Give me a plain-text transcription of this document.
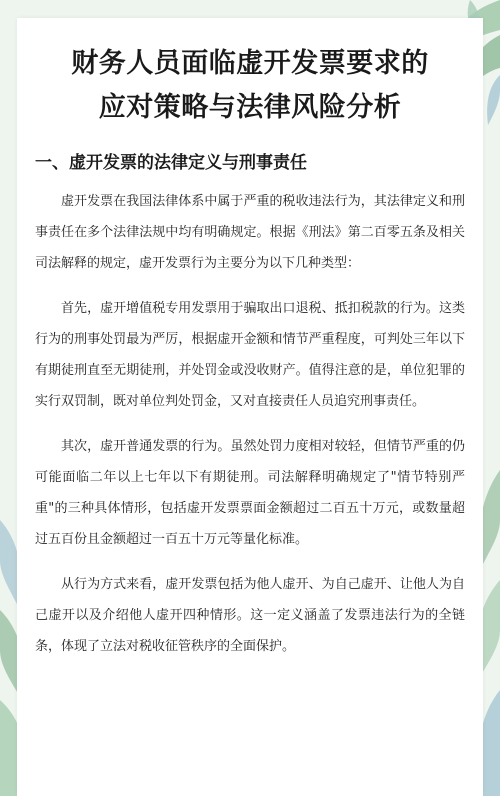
财务人员面临虚开发票要求的
应对策略与法律风险分析
一、虚开发票的法律定义与刑事责任

虚开发票在我国法律体系中属于严重的税收违法行为，其法律定义和刑事责任在多个法律法规中均有明确规定。根据《刑法》第二百零五条及相关司法解释的规定，虚开发票行为主要分为以下几种类型：

首先，虚开增值税专用发票用于骗取出口退税、抵扣税款的行为。这类行为的刑事处罚最为严厉，根据虚开金额和情节严重程度，可判处三年以下有期徒刑直至无期徒刑，并处罚金或没收财产。值得注意的是，单位犯罪的实行双罚制，既对单位判处罚金，又对直接责任人员追究刑事责任。

其次，虚开普通发票的行为。虽然处罚力度相对较轻，但情节严重的仍可能面临二年以上七年以下有期徒刑。司法解释明确规定了"情节特别严重"的三种具体情形，包括虚开发票票面金额超过二百五十万元，或数量超过五百份且金额超过一百五十万元等量化标准。

从行为方式来看，虚开发票包括为他人虚开、为自己虚开、让他人为自己虚开以及介绍他人虚开四种情形。这一定义涵盖了发票违法行为的全链条，体现了立法对税收征管秩序的全面保护。
